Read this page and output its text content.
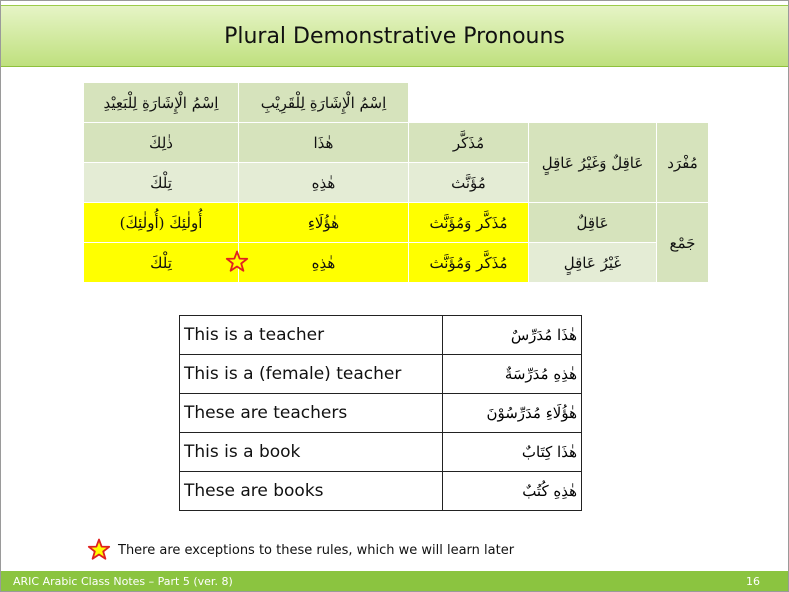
Plural Demonstrative Pronouns
اِسْمُ الْإِشَارَةِ لِلْبَعِيْدِ	اِسْمُ الْإِشَارَةِ لِلْقَرِيْبِ			
ذٰلِكَ	هٰذَا	مُذَكَّر	عَاقِلٌ وَغَيْرُ عَاقِلٍ	مُفْرَد
تِلْكَ	هٰذِهِ	مُؤَنَّث		
أُولٰئِكَ (أُولٰئِكَ)	هٰؤُلَاءِ	مُذَكَّر وَمُؤَنَّث	عَاقِلٌ	جَمْع
تِلْكَ	هٰذِهِ	مُذَكَّر وَمُؤَنَّث	غَيْرُ عَاقِلٍ	
This is a teacher	هٰذَا مُدَرِّسٌ
This is a (female) teacher	هٰذِهِ مُدَرِّسَةٌ
These are teachers	هٰؤُلَاءِ مُدَرِّسُوْنَ
This is a book	هٰذَا كِتَابٌ
These are books	هٰذِهِ كُتُبٌ
There are exceptions to these rules, which we will learn later
ARIC Arabic Class Notes – Part 5 (ver. 8)	16
